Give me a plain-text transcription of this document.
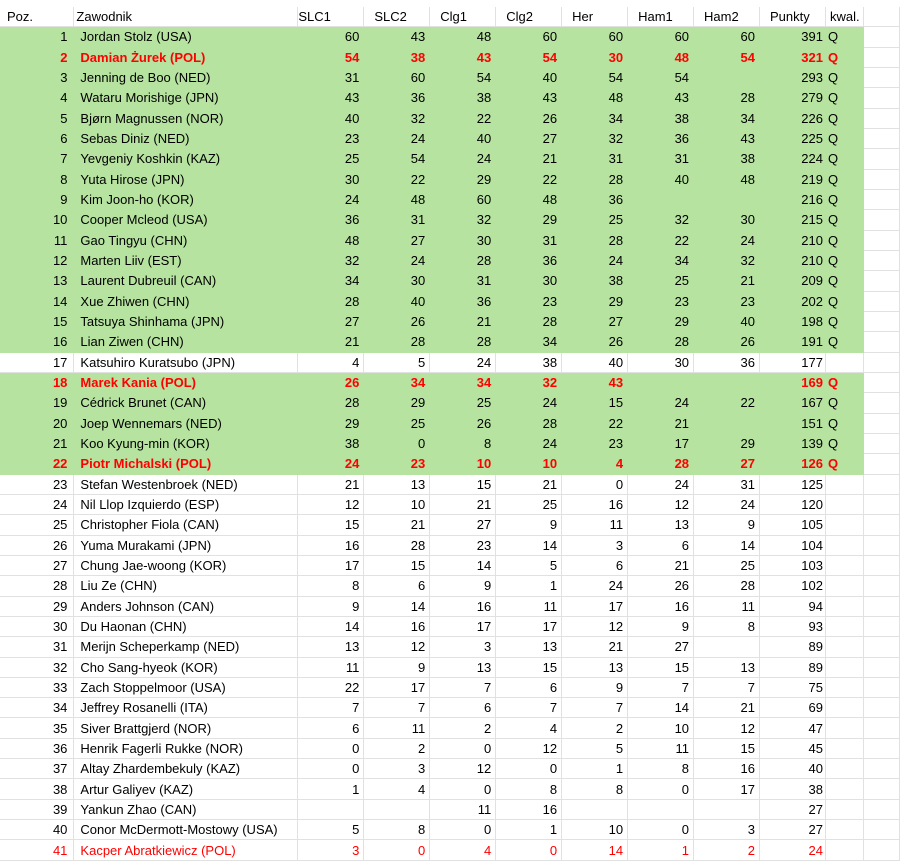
Poz.	Zawodnik	SLC1	SLC2	Clg1	Clg2	Her	Ham1	Ham2	Punkty	kwal.	
1	Jordan Stolz (USA)	60	43	48	60	60	60	60	391	Q	
2	Damian Żurek (POL)	54	38	43	54	30	48	54	321	Q	
3	Jenning de Boo (NED)	31	60	54	40	54	54		293	Q	
4	Wataru Morishige (JPN)	43	36	38	43	48	43	28	279	Q	
5	Bjørn Magnussen (NOR)	40	32	22	26	34	38	34	226	Q	
6	Sebas Diniz (NED)	23	24	40	27	32	36	43	225	Q	
7	Yevgeniy Koshkin (KAZ)	25	54	24	21	31	31	38	224	Q	
8	Yuta Hirose (JPN)	30	22	29	22	28	40	48	219	Q	
9	Kim Joon-ho (KOR)	24	48	60	48	36			216	Q	
10	Cooper Mcleod (USA)	36	31	32	29	25	32	30	215	Q	
11	Gao Tingyu (CHN)	48	27	30	31	28	22	24	210	Q	
12	Marten Liiv (EST)	32	24	28	36	24	34	32	210	Q	
13	Laurent Dubreuil (CAN)	34	30	31	30	38	25	21	209	Q	
14	Xue Zhiwen (CHN)	28	40	36	23	29	23	23	202	Q	
15	Tatsuya Shinhama (JPN)	27	26	21	28	27	29	40	198	Q	
16	Lian Ziwen (CHN)	21	28	28	34	26	28	26	191	Q	
17	Katsuhiro Kuratsubo (JPN)	4	5	24	38	40	30	36	177		
18	Marek Kania (POL)	26	34	34	32	43			169	Q	
19	Cédrick Brunet (CAN)	28	29	25	24	15	24	22	167	Q	
20	Joep Wennemars (NED)	29	25	26	28	22	21		151	Q	
21	Koo Kyung-min (KOR)	38	0	8	24	23	17	29	139	Q	
22	Piotr Michalski (POL)	24	23	10	10	4	28	27	126	Q	
23	Stefan Westenbroek (NED)	21	13	15	21	0	24	31	125		
24	Nil Llop Izquierdo (ESP)	12	10	21	25	16	12	24	120		
25	Christopher Fiola (CAN)	15	21	27	9	11	13	9	105		
26	Yuma Murakami (JPN)	16	28	23	14	3	6	14	104		
27	Chung Jae-woong (KOR)	17	15	14	5	6	21	25	103		
28	Liu Ze (CHN)	8	6	9	1	24	26	28	102		
29	Anders Johnson (CAN)	9	14	16	11	17	16	11	94		
30	Du Haonan (CHN)	14	16	17	17	12	9	8	93		
31	Merijn Scheperkamp (NED)	13	12	3	13	21	27		89		
32	Cho Sang-hyeok (KOR)	11	9	13	15	13	15	13	89		
33	Zach Stoppelmoor (USA)	22	17	7	6	9	7	7	75		
34	Jeffrey Rosanelli (ITA)	7	7	6	7	7	14	21	69		
35	Siver Brattgjerd (NOR)	6	11	2	4	2	10	12	47		
36	Henrik Fagerli Rukke (NOR)	0	2	0	12	5	11	15	45		
37	Altay Zhardembekuly (KAZ)	0	3	12	0	1	8	16	40		
38	Artur Galiyev (KAZ)	1	4	0	8	8	0	17	38		
39	Yankun Zhao (CAN)			11	16				27		
40	Conor McDermott-Mostowy (USA)	5	8	0	1	10	0	3	27		
41	Kacper Abratkiewicz (POL)	3	0	4	0	14	1	2	24		
